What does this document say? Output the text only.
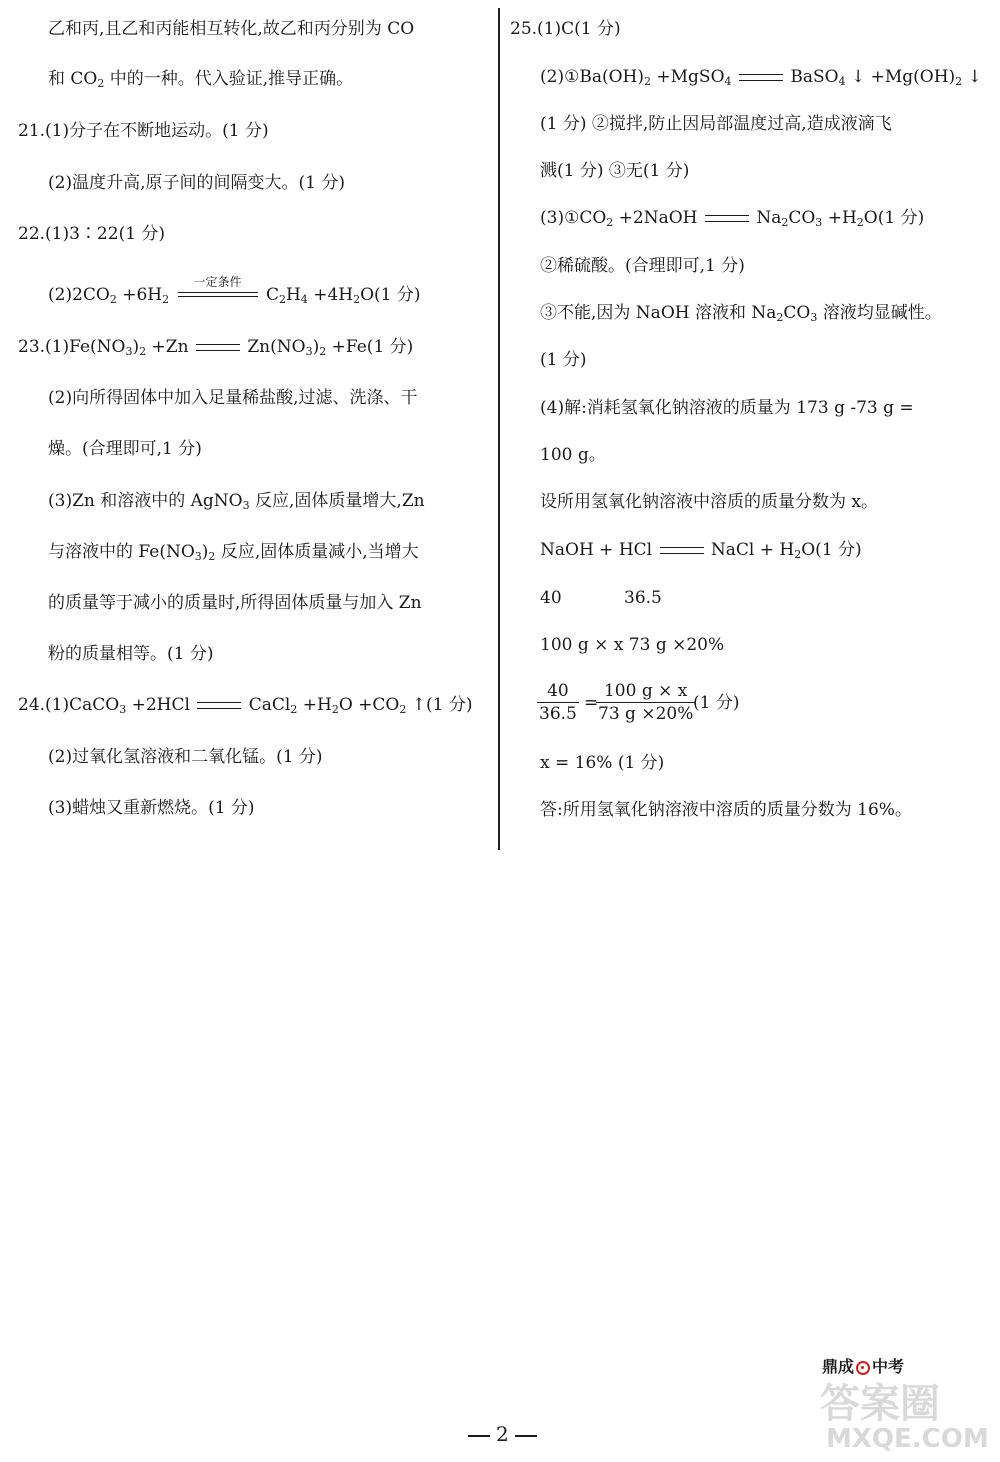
乙和丙,且乙和丙能相互转化,故乙和丙分别为 CO
和 $CO_2$ 中的一种。代入验证,推导正确。
21.(1)分子在不断地运动。(1 分)
(2)温度升高,原子间的间隔变大。(1 分)
22.(1)3∶22(1 分)
$(2)2CO_2 +6H_2$
一定条件
$C_2H_4 +4H_2O(1$ 分)
$23.(1)Fe(NO_3)_2 +Zn$	$Zn(NO_3)_2 +Fe(1$ 分)
(2)向所得固体中加入足量稀盐酸,过滤、洗涤、干
燥。(合理即可,1 分)
(3)Zn 和溶液中的 AgNO$_3$ 反应,固体质量增大,Zn
与溶液中的 $Fe(NO_3)_2$ 反应,固体质量减小,当增大
的质量等于减小的质量时,所得固体质量与加入 Zn
粉的质量相等。(1 分)
24.(1)CaCO$_3$ +2HCl	CaCl$_2$ $+H_2O +CO_2$ ↑(1 分)
(2)过氧化氢溶液和二氧化锰。(1 分)
(3)蜡烛又重新燃烧。(1 分)
25.(1)C(1 分)
$(2)①Ba(OH)_2$ +MgSO$_4$	BaSO$_4$ ↓ $+Mg(OH)_2$ ↓
(1 分) ②搅拌,防止因局部温度过高,造成液滴飞
溅(1 分) ③无(1 分)
$(3)①CO_2$ +2NaOH	$Na_2CO_3 +H_2O(1$ 分)
②稀硫酸。(合理即可,1 分)
③不能,因为 NaOH 溶液和 $Na_2CO_3$ 溶液均显碱性。
(1 分)
(4)解:消耗氢氧化钠溶液的质量为 173 g -73 g =
100 g。
设所用氢氧化钠溶液中溶质的质量分数为 x。
NaOH + HCl	NaCl + $H_2O(1$ 分)
40	36.5
100 g × x 73 g ×20%
$\frac{40}{36.5}$ =
$\frac{100 g \times x}{73 g \times 20\%}$
(1 分)
x = 16% (1 分)
答:所用氢氧化钠溶液中溶质的质量分数为 16%。
鼎成 中考
答案圈
MXQE.COM
2
